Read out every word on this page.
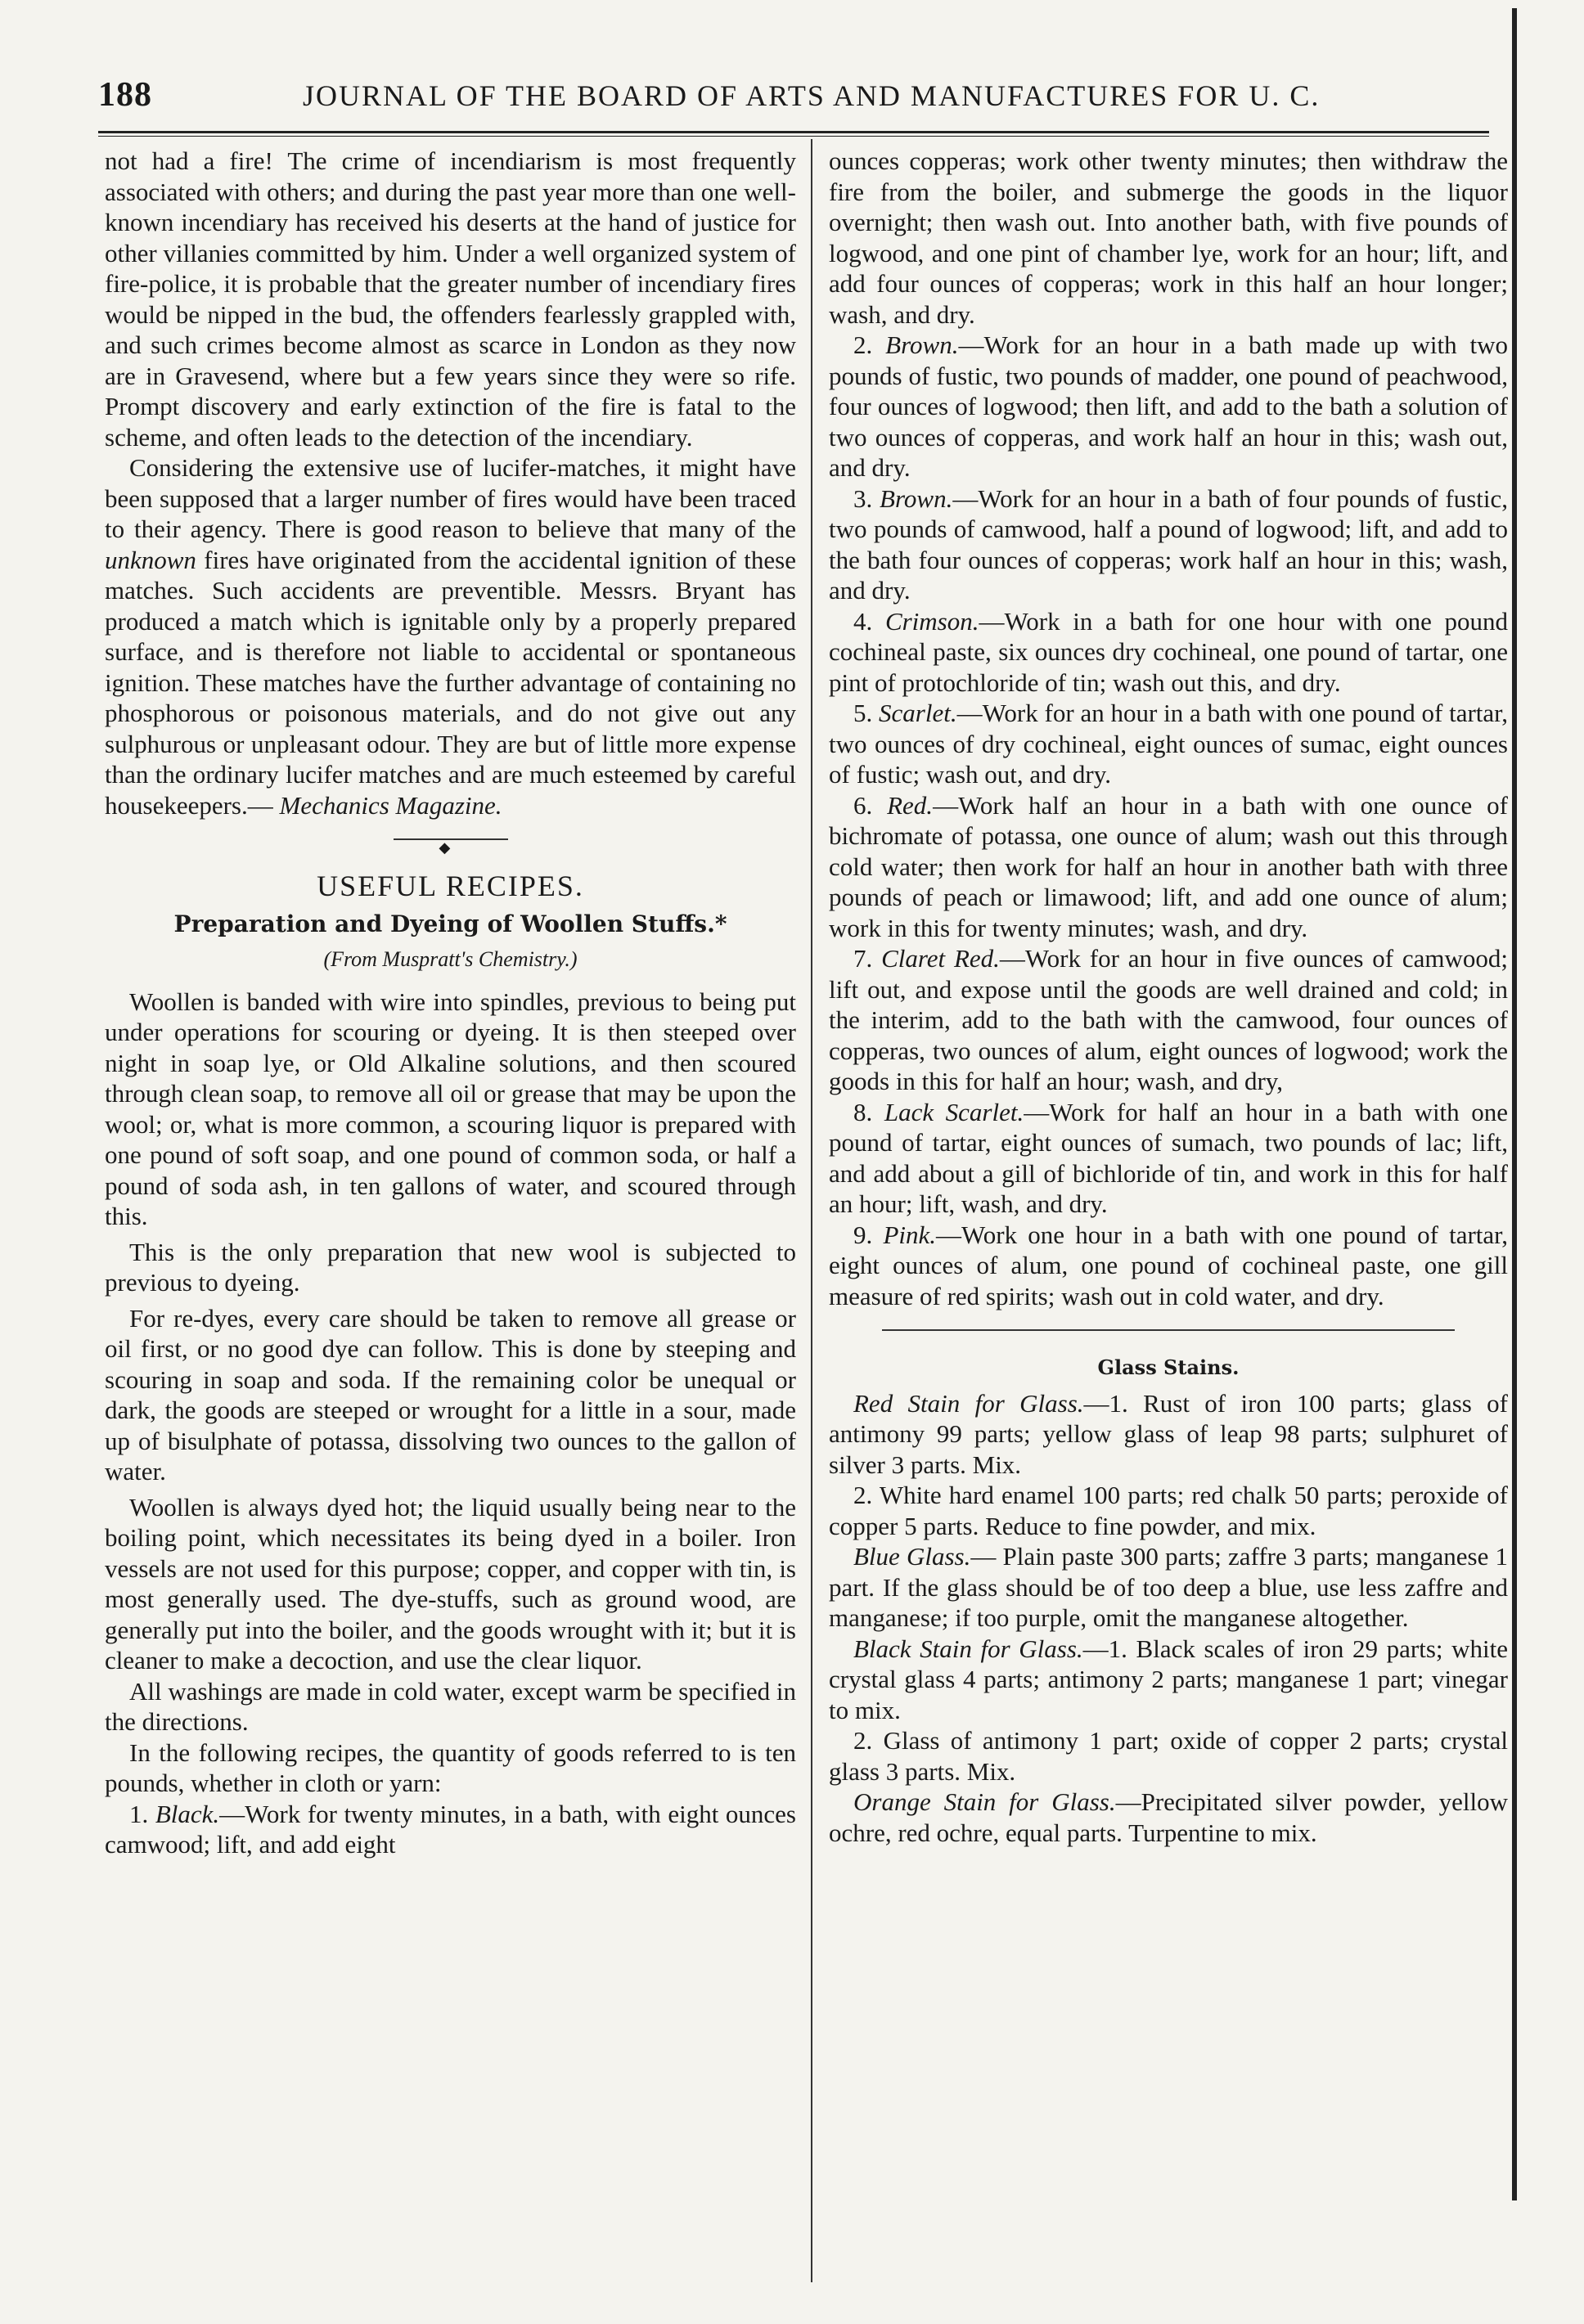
188	JOURNAL OF THE BOARD OF ARTS AND MANUFACTURES FOR U. C.

not had a fire! The crime of incendiarism is most frequently associated with others; and during the past year more than one well-known incendiary has received his deserts at the hand of justice for other villanies committed by him. Under a well organized system of fire-police, it is probable that the greater number of incendiary fires would be nipped in the bud, the offenders fearlessly grappled with, and such crimes become almost as scarce in London as they now are in Gravesend, where but a few years since they were so rife. Prompt discovery and early extinction of the fire is fatal to the scheme, and often leads to the detection of the incendiary.

Considering the extensive use of lucifer-matches, it might have been supposed that a larger number of fires would have been traced to their agency. There is good reason to believe that many of the unknown fires have originated from the accidental ignition of these matches. Such accidents are preventible. Messrs. Bryant has produced a match which is ignitable only by a properly prepared surface, and is therefore not liable to accidental or spontaneous ignition. These matches have the further advantage of containing no phosphorous or poisonous materials, and do not give out any sulphurous or unpleasant odour. They are but of little more expense than the ordinary lucifer matches and are much esteemed by careful housekeepers.— Mechanics Magazine.

◆
USEFUL RECIPES.
Preparation and Dyeing of Woollen Stuffs.*
(From Muspratt's Chemistry.)

Woollen is banded with wire into spindles, previous to being put under operations for scouring or dyeing. It is then steeped over night in soap lye, or Old Alkaline solutions, and then scoured through clean soap, to remove all oil or grease that may be upon the wool; or, what is more common, a scouring liquor is prepared with one pound of soft soap, and one pound of common soda, or half a pound of soda ash, in ten gallons of water, and scoured through this.

This is the only preparation that new wool is subjected to previous to dyeing.

For re-dyes, every care should be taken to remove all grease or oil first, or no good dye can follow. This is done by steeping and scouring in soap and soda. If the remaining color be unequal or dark, the goods are steeped or wrought for a little in a sour, made up of bisulphate of potassa, dissolving two ounces to the gallon of water.

Woollen is always dyed hot; the liquid usually being near to the boiling point, which necessitates its being dyed in a boiler. Iron vessels are not used for this purpose; copper, and copper with tin, is most generally used. The dye-stuffs, such as ground wood, are generally put into the boiler, and the goods wrought with it; but it is cleaner to make a decoction, and use the clear liquor.

All washings are made in cold water, except warm be specified in the directions.

In the following recipes, the quantity of goods referred to is ten pounds, whether in cloth or yarn:

1. Black.—Work for twenty minutes, in a bath, with eight ounces camwood; lift, and add eight

ounces copperas; work other twenty minutes; then withdraw the fire from the boiler, and submerge the goods in the liquor overnight; then wash out. Into another bath, with five pounds of logwood, and one pint of chamber lye, work for an hour; lift, and add four ounces of copperas; work in this half an hour longer; wash, and dry.

2. Brown.—Work for an hour in a bath made up with two pounds of fustic, two pounds of madder, one pound of peachwood, four ounces of logwood; then lift, and add to the bath a solution of two ounces of copperas, and work half an hour in this; wash out, and dry.

3. Brown.—Work for an hour in a bath of four pounds of fustic, two pounds of camwood, half a pound of logwood; lift, and add to the bath four ounces of copperas; work half an hour in this; wash, and dry.

4. Crimson.—Work in a bath for one hour with one pound cochineal paste, six ounces dry cochineal, one pound of tartar, one pint of protochloride of tin; wash out this, and dry.

5. Scarlet.—Work for an hour in a bath with one pound of tartar, two ounces of dry cochineal, eight ounces of sumac, eight ounces of fustic; wash out, and dry.

6. Red.—Work half an hour in a bath with one ounce of bichromate of potassa, one ounce of alum; wash out this through cold water; then work for half an hour in another bath with three pounds of peach or limawood; lift, and add one ounce of alum; work in this for twenty minutes; wash, and dry.

7. Claret Red.—Work for an hour in five ounces of camwood; lift out, and expose until the goods are well drained and cold; in the interim, add to the bath with the camwood, four ounces of copperas, two ounces of alum, eight ounces of logwood; work the goods in this for half an hour; wash, and dry,

8. Lack Scarlet.—Work for half an hour in a bath with one pound of tartar, eight ounces of sumach, two pounds of lac; lift, and add about a gill of bichloride of tin, and work in this for half an hour; lift, wash, and dry.

9. Pink.—Work one hour in a bath with one pound of tartar, eight ounces of alum, one pound of cochineal paste, one gill measure of red spirits; wash out in cold water, and dry.

Glass Stains.

Red Stain for Glass.—1. Rust of iron 100 parts; glass of antimony 99 parts; yellow glass of leap 98 parts; sulphuret of silver 3 parts. Mix.

2. White hard enamel 100 parts; red chalk 50 parts; peroxide of copper 5 parts. Reduce to fine powder, and mix.

Blue Glass.— Plain paste 300 parts; zaffre 3 parts; manganese 1 part. If the glass should be of too deep a blue, use less zaffre and manganese; if too purple, omit the manganese altogether.

Black Stain for Glass.—1. Black scales of iron 29 parts; white crystal glass 4 parts; antimony 2 parts; manganese 1 part; vinegar to mix.

2. Glass of antimony 1 part; oxide of copper 2 parts; crystal glass 3 parts. Mix.

Orange Stain for Glass.—Precipitated silver powder, yellow ochre, red ochre, equal parts. Turpentine to mix.
